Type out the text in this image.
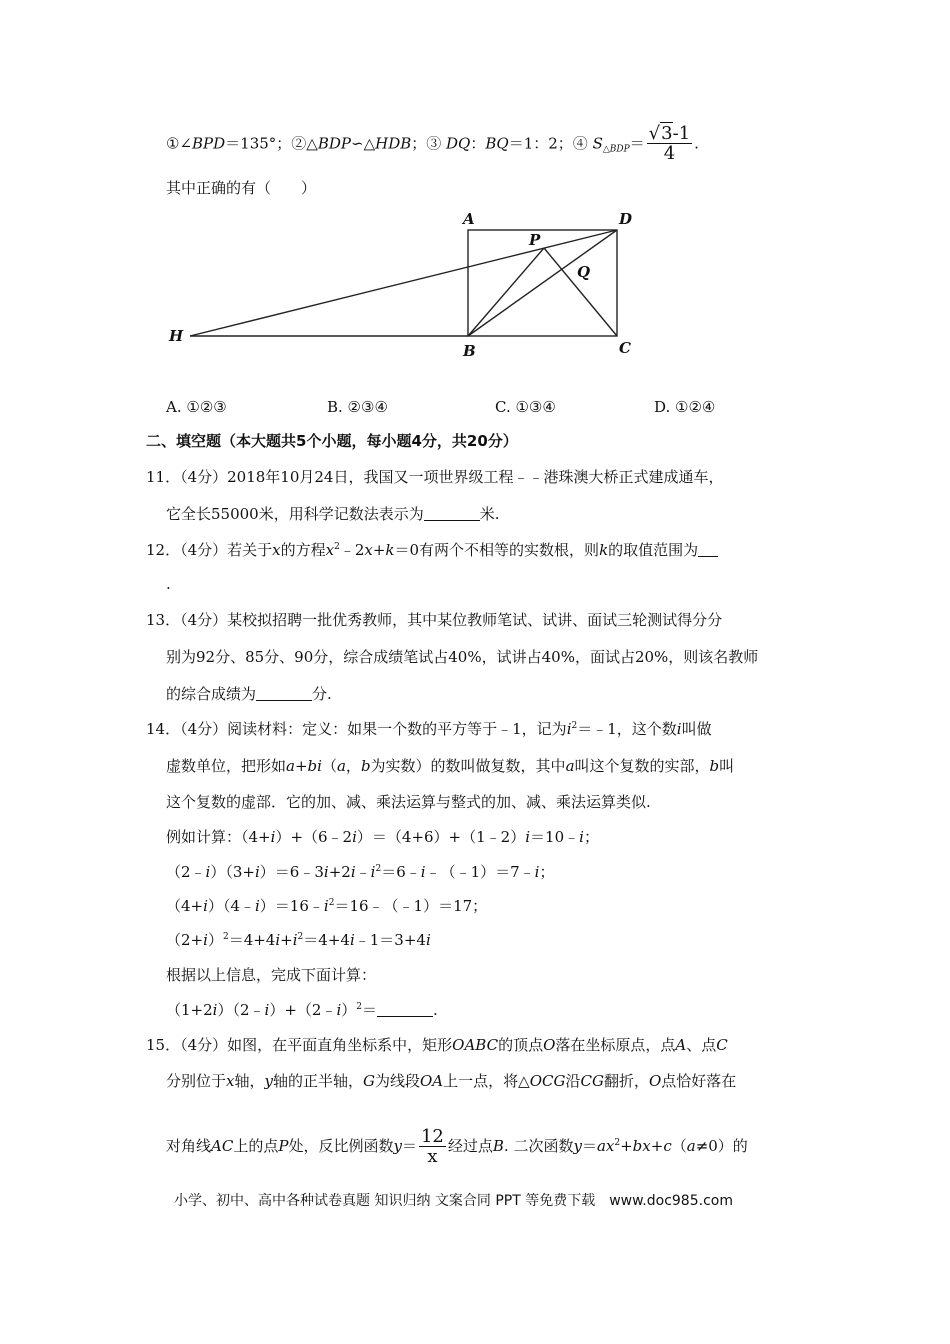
①∠BPD＝135°；②△BDP∽△HDB；③ DQ：BQ＝1：2；④ $S_{\triangle BDP}= \frac{√3-1}{4}$ .
其中正确的有（　　）
A
P
D
Q
H
B	C
A. ①②③	B. ②③④	C. ①③④	D. ①②④
二、填空题（本大题共5个小题，每小题4分，共20分）
11．（4分）2018年10月24日，我国又一项世界级工程﹣﹣港珠澳大桥正式建成通车，
它全长55000米，用科学记数法表示为	米.
12．（4分）若关于x的方程$x^2﹣2x+k=0$有两个不相等的实数根，则k的取值范围为
.
13．（4分）某校拟招聘一批优秀教师，其中某位教师笔试、试讲、面试三轮测试得分分
别为92分、85分、90分，综合成绩笔试占40%，试讲占40%，面试占20%，则该名教师
的综合成绩为	分.
14．（4分）阅读材料：定义：如果一个数的平方等于﹣1，记为$i^2=﹣1$，这个数i叫做
虚数单位，把形如a+bi（a，b为实数）的数叫做复数，其中a叫这个复数的实部，b叫
这个复数的虚部．它的加、减、乘法运算与整式的加、减、乘法运算类似.
例如计算：（4+i）+（6﹣2i）＝（4+6）+（1﹣2）i＝10﹣i；
$(2﹣i)(3+i)=6﹣3i+2i﹣i^2=6﹣i﹣(﹣1)=7﹣i$；
$(4+i)(4﹣i)=16﹣i^2=16﹣(﹣1)=17$；
$(2+i)^2=4+4i+i^2=4+4i﹣1=3+4i$
根据以上信息，完成下面计算：
（1+2i）（2﹣i）+（2﹣i）$^2$＝	.
15．（4分）如图，在平面直角坐标系中，矩形OABC的顶点O落在坐标原点，点A、点C
分别位于x轴，y轴的正半轴，G为线段OA上一点，将△OCG沿CG翻折，O点恰好落在
对角线AC上的点P处，反比例函数$y= \frac{12}{x}$ 经过点B. 二次函数$y=ax^2+bx+c(a\ne 0)$的
小学、初中、高中各种试卷真题 知识归纳 文案合同 PPT 等免费下载　www.doc985.com
